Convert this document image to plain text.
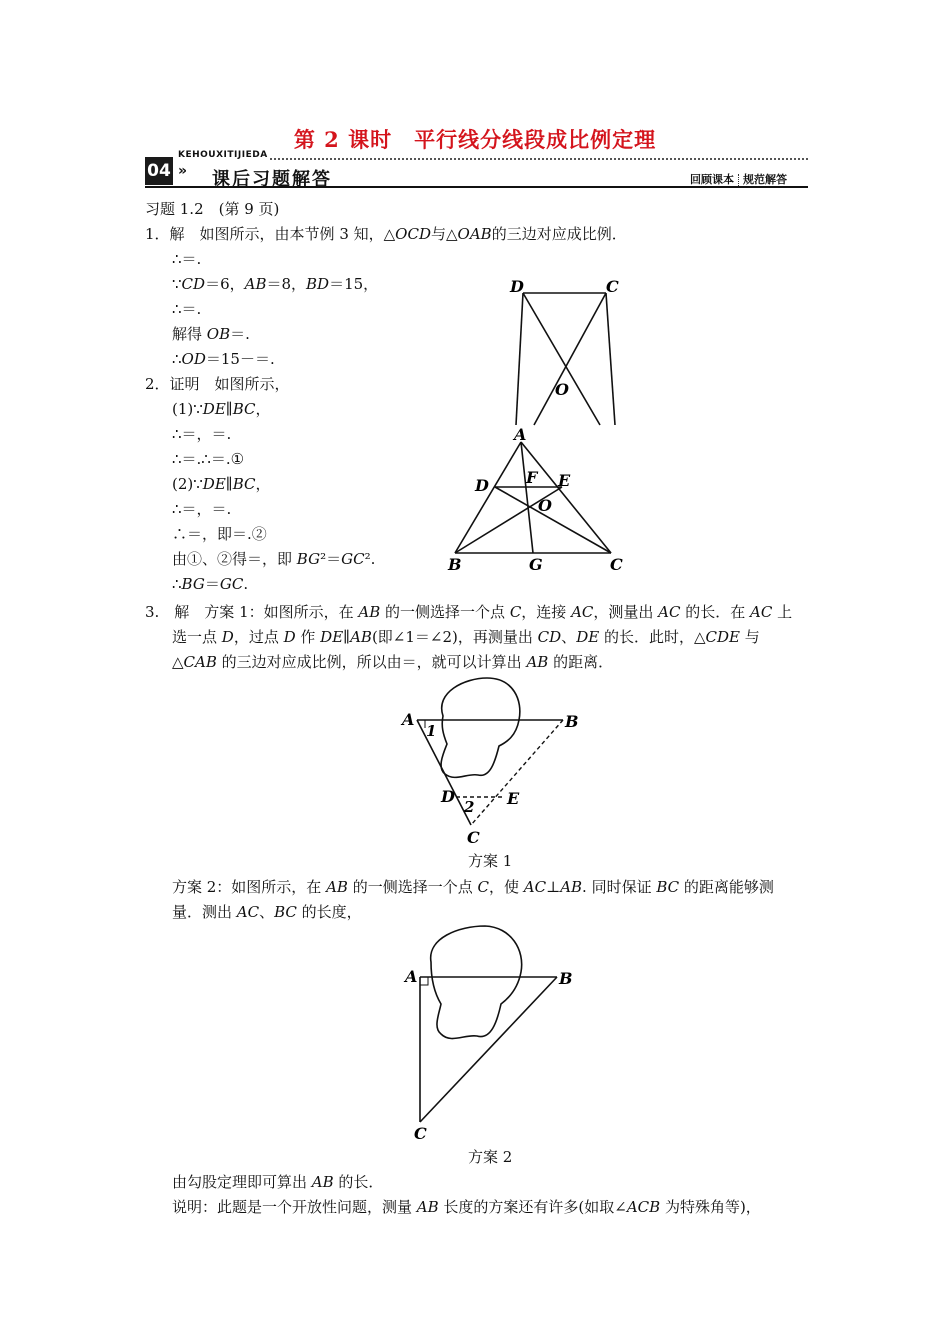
第 2 课时 平行线分线段成比例定理
KEHOUXITIJIEDA
04 » 课后习题解答	回顾课本 规范解答
习题 1.2　(第 9 页)
1．解　如图所示，由本节例 3 知，△OCD与△OAB的三边对应成比例．
∴＝.
∵CD＝6，AB＝8，BD＝15，
∴＝.
解得 OB＝.
∴OD＝15－＝.
2．证明　如图所示，
(1)∵DE∥BC，
∴＝，＝.
∴＝.∴＝.①
(2)∵DE∥BC，
∴＝，＝.
∴＝，即＝.②
由①、②得＝，即 BG²＝GC².
∴BG＝GC.
D	C
O
A
D F E
O
B	G	C
3.　解　方案 1：如图所示，在 AB 的一侧选择一个点 C，连接 AC，测量出 AC 的长．在 AC 上
选一点 D，过点 D 作 DE∥AB(即∠1＝∠2)，再测量出 CD、DE 的长．此时，△CDE 与
△CAB 的三边对应成比例，所以由＝，就可以计算出 AB 的距离．
A	B
1
D
2 E
C
方案 1
方案 2：如图所示，在 AB 的一侧选择一个点 C，使 AC⊥AB. 同时保证 BC 的距离能够测
量．测出 AC、BC 的长度，
A	B
C
方案 2
由勾股定理即可算出 AB 的长．
说明：此题是一个开放性问题，测量 AB 长度的方案还有许多(如取∠ACB 为特殊角等)，
